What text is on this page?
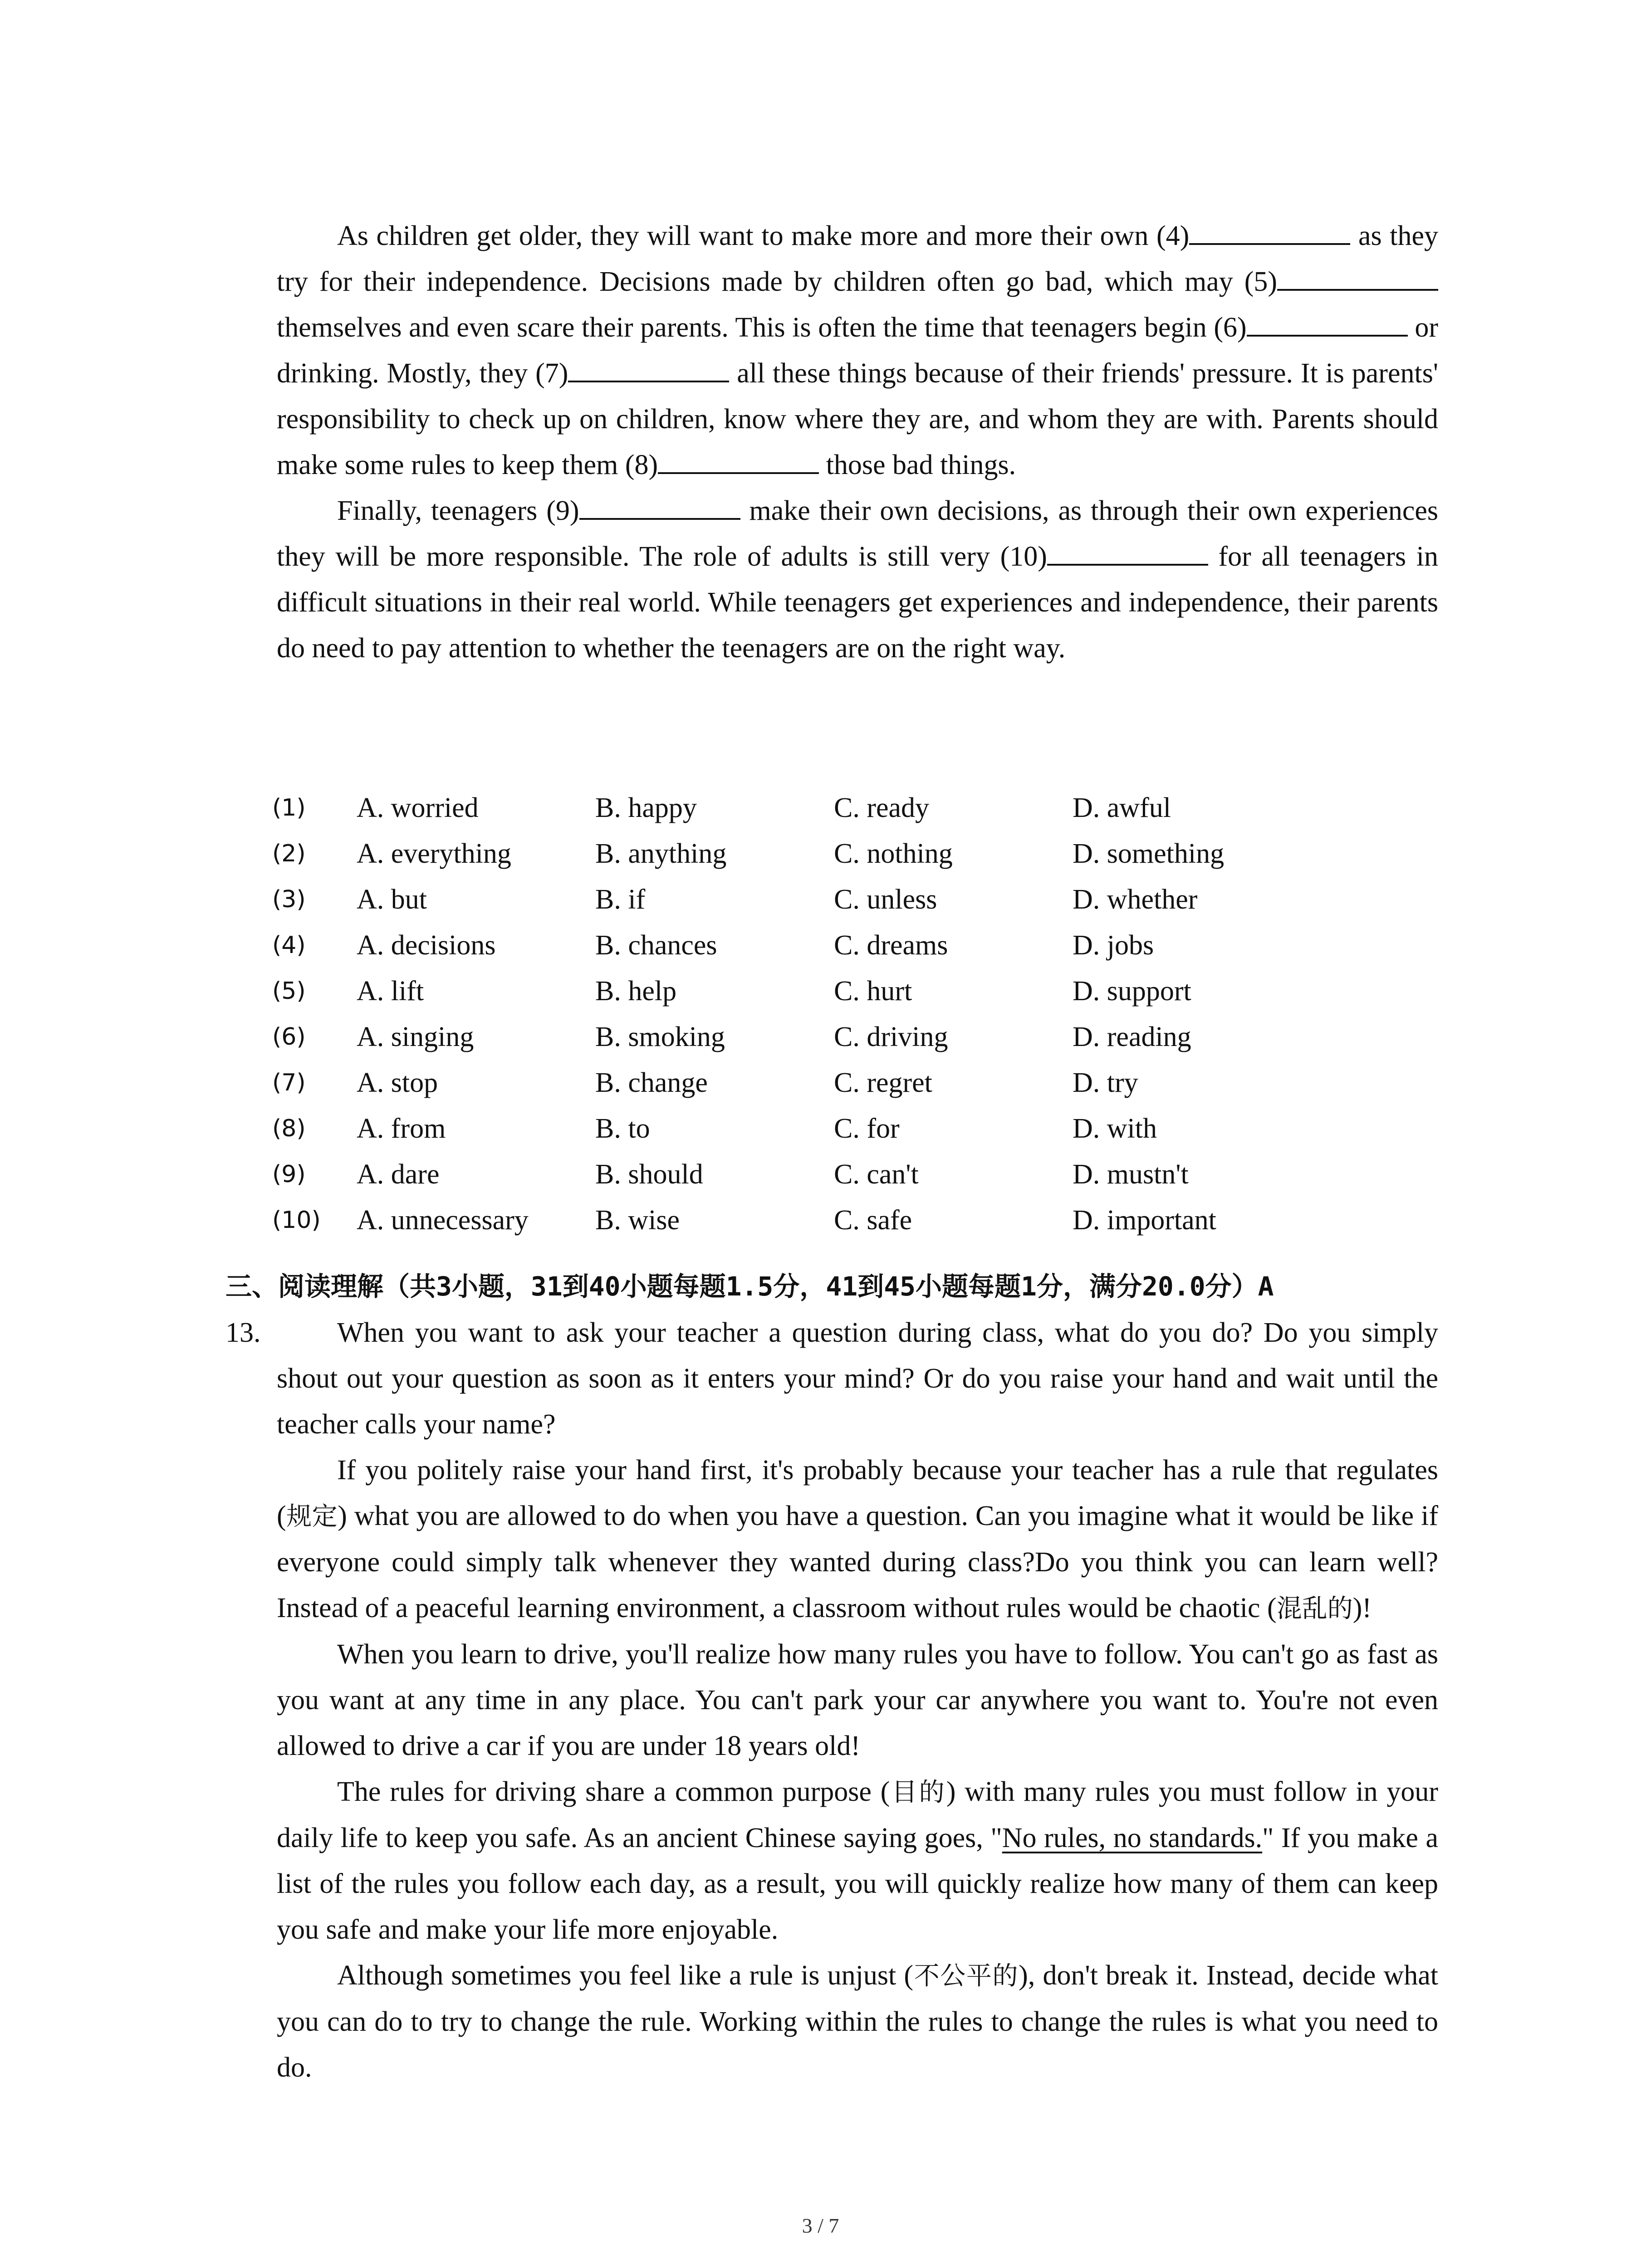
As children get older, they will want to make more and more their own (4)	as they try for their independence. Decisions made by children often go bad, which may (5) themselves and even scare their parents. This is often the time that teenagers begin (6)	or drinking. Mostly, they (7)	all these things because of their friends' pressure. It is parents' responsibility to check up on children, know where they are, and whom they are with. Parents should make some rules to keep them (8)	those bad things.

Finally, teenagers (9)	make their own decisions, as through their own experiences they will be more responsible. The role of adults is still very (10)	for all teenagers in difficult situations in their real world. While teenagers get experiences and independence, their parents do need to pay attention to whether the teenagers are on the right way.

(1) A. worried	B. happy	C. ready	D. awful
(2) A. everything	B. anything	C. nothing	D. something
(3) A. but	B. if	C. unless	D. whether
(4) A. decisions	B. chances	C. dreams	D. jobs
(5) A. lift	B. help	C. hurt	D. support
(6) A. singing	B. smoking	C. driving	D. reading
(7) A. stop	B. change	C. regret	D. try
(8) A. from	B. to	C. for	D. with
(9) A. dare	B. should	C. can't	D. mustn't
(10) A. unnecessary B. wise	C. safe	D. important
三、阅读理解（共3小题，31到40小题每题1.5分，41到45小题每题1分，满分20.0分）A
13.	When you want to ask your teacher a question during class, what do you do? Do you simply shout out your question as soon as it enters your mind? Or do you raise your hand and wait until the teacher calls your name?

If you politely raise your hand first, it's probably because your teacher has a rule that regulates (规定) what you are allowed to do when you have a question. Can you imagine what it would be like if everyone could simply talk whenever they wanted during class?Do you think you can learn well?Instead of a peaceful learning environment, a classroom without rules would be chaotic (混乱的)!

When you learn to drive, you'll realize how many rules you have to follow. You can't go as fast as you want at any time in any place. You can't park your car anywhere you want to. You're not even allowed to drive a car if you are under 18 years old!

The rules for driving share a common purpose (目的) with many rules you must follow in your daily life to keep you safe. As an ancient Chinese saying goes, "No rules, no standards." If you make a list of the rules you follow each day, as a result, you will quickly realize how many of them can keep you safe and make your life more enjoyable.

Although sometimes you feel like a rule is unjust (不公平的), don't break it. Instead, decide what you can do to try to change the rule. Working within the rules to change the rules is what you need to do.

3 / 7
